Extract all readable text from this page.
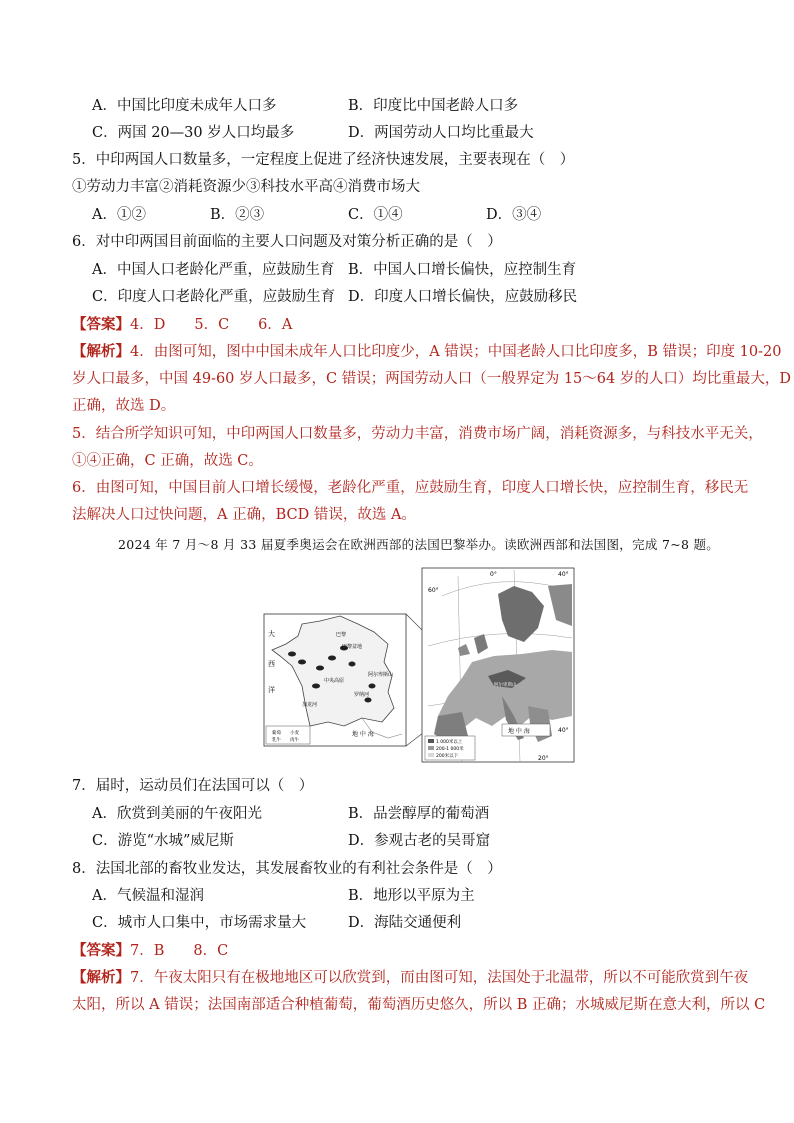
A．中国比印度未成年人口多	B．印度比中国老龄人口多
C．两国 20—30 岁人口均最多	D．两国劳动人口均比重最大
5．中印两国人口数量多，一定程度上促进了经济快速发展，主要表现在（　）
①劳动力丰富②消耗资源少③科技水平高④消费市场大
A．①②	B．②③	C．①④	D．③④
6．对中印两国目前面临的主要人口问题及对策分析正确的是（　）
A．中国人口老龄化严重，应鼓励生育 B．中国人口增长偏快，应控制生育
C．印度人口老龄化严重，应鼓励生育 D．印度人口增长偏快，应鼓励移民
【答案】4．D　　5．C　　6．A
【解析】4．由图可知，图中中国未成年人口比印度少，A 错误；中国老龄人口比印度多，B 错误；印度 10-20
岁人口最多，中国 49-60 岁人口最多，C 错误；两国劳动人口（一般界定为 15～64 岁的人口）均比重最大，D
正确，故选 D。
5．结合所学知识可知，中印两国人口数量多，劳动力丰富，消费市场广阔，消耗资源多，与科技水平无关，
①④正确，C 正确，故选 C。
6．由图可知，中国目前人口增长缓慢，老龄化严重，应鼓励生育，印度人口增长快，应控制生育，移民无
法解决人口过快问题，A 正确，BCD 错误，故选 A。
2024 年 7 月～8 月 33 届夏季奥运会在欧洲西部的法国巴黎举办。读欧洲西部和法国图，完成 7~8 题。
大
西
洋
巴黎
巴黎盆地
中央高原
阿尔卑斯山
罗纳河
加龙河
地 中 海
葡萄 小麦
乳牛 肉牛
60°
40°
0°
20°
40°
阿尔卑斯山
地 中 海
1 000米以上
200-1 000米
200米以下
7．届时，运动员们在法国可以（　）
A．欣赏到美丽的午夜阳光	B．品尝醇厚的葡萄酒
C．游览“水城”威尼斯	D．参观古老的吴哥窟
8．法国北部的畜牧业发达，其发展畜牧业的有利社会条件是（　）
A．气候温和湿润	B．地形以平原为主
C．城市人口集中，市场需求量大	D．海陆交通便利
【答案】7．B　　8．C
【解析】7．午夜太阳只有在极地地区可以欣赏到，而由图可知，法国处于北温带，所以不可能欣赏到午夜
太阳，所以 A 错误；法国南部适合种植葡萄，葡萄酒历史悠久，所以 B 正确；水城威尼斯在意大利，所以 C
